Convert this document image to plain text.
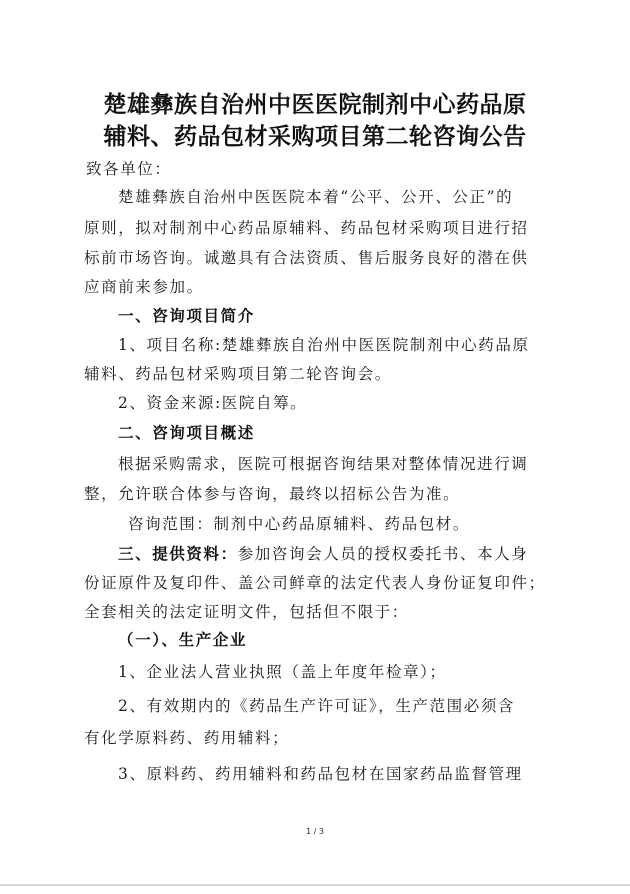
楚雄彝族自治州中医医院制剂中心药品原
辅料、药品包材采购项目第二轮咨询公告
致各单位：
楚雄彝族自治州中医医院本着“公平、公开、公正”的
原则，拟对制剂中心药品原辅料、药品包材采购项目进行招
标前市场咨询。诚邀具有合法资质、售后服务良好的潜在供
应商前来参加。
一、咨询项目简介
1、项目名称:楚雄彝族自治州中医医院制剂中心药品原
辅料、药品包材采购项目第二轮咨询会。
2、资金来源:医院自筹。
二、咨询项目概述
根据采购需求，医院可根据咨询结果对整体情况进行调
整，允许联合体参与咨询，最终以招标公告为准。
咨询范围：制剂中心药品原辅料、药品包材。
三、提供资料：参加咨询会人员的授权委托书、本人身
份证原件及复印件、盖公司鲜章的法定代表人身份证复印件；
全套相关的法定证明文件，包括但不限于：
（一）、生产企业
1、企业法人营业执照（盖上年度年检章）；
2、有效期内的《药品生产许可证》，生产范围必须含
有化学原料药、药用辅料；
3、原料药、药用辅料和药品包材在国家药品监督管理
1 / 3
